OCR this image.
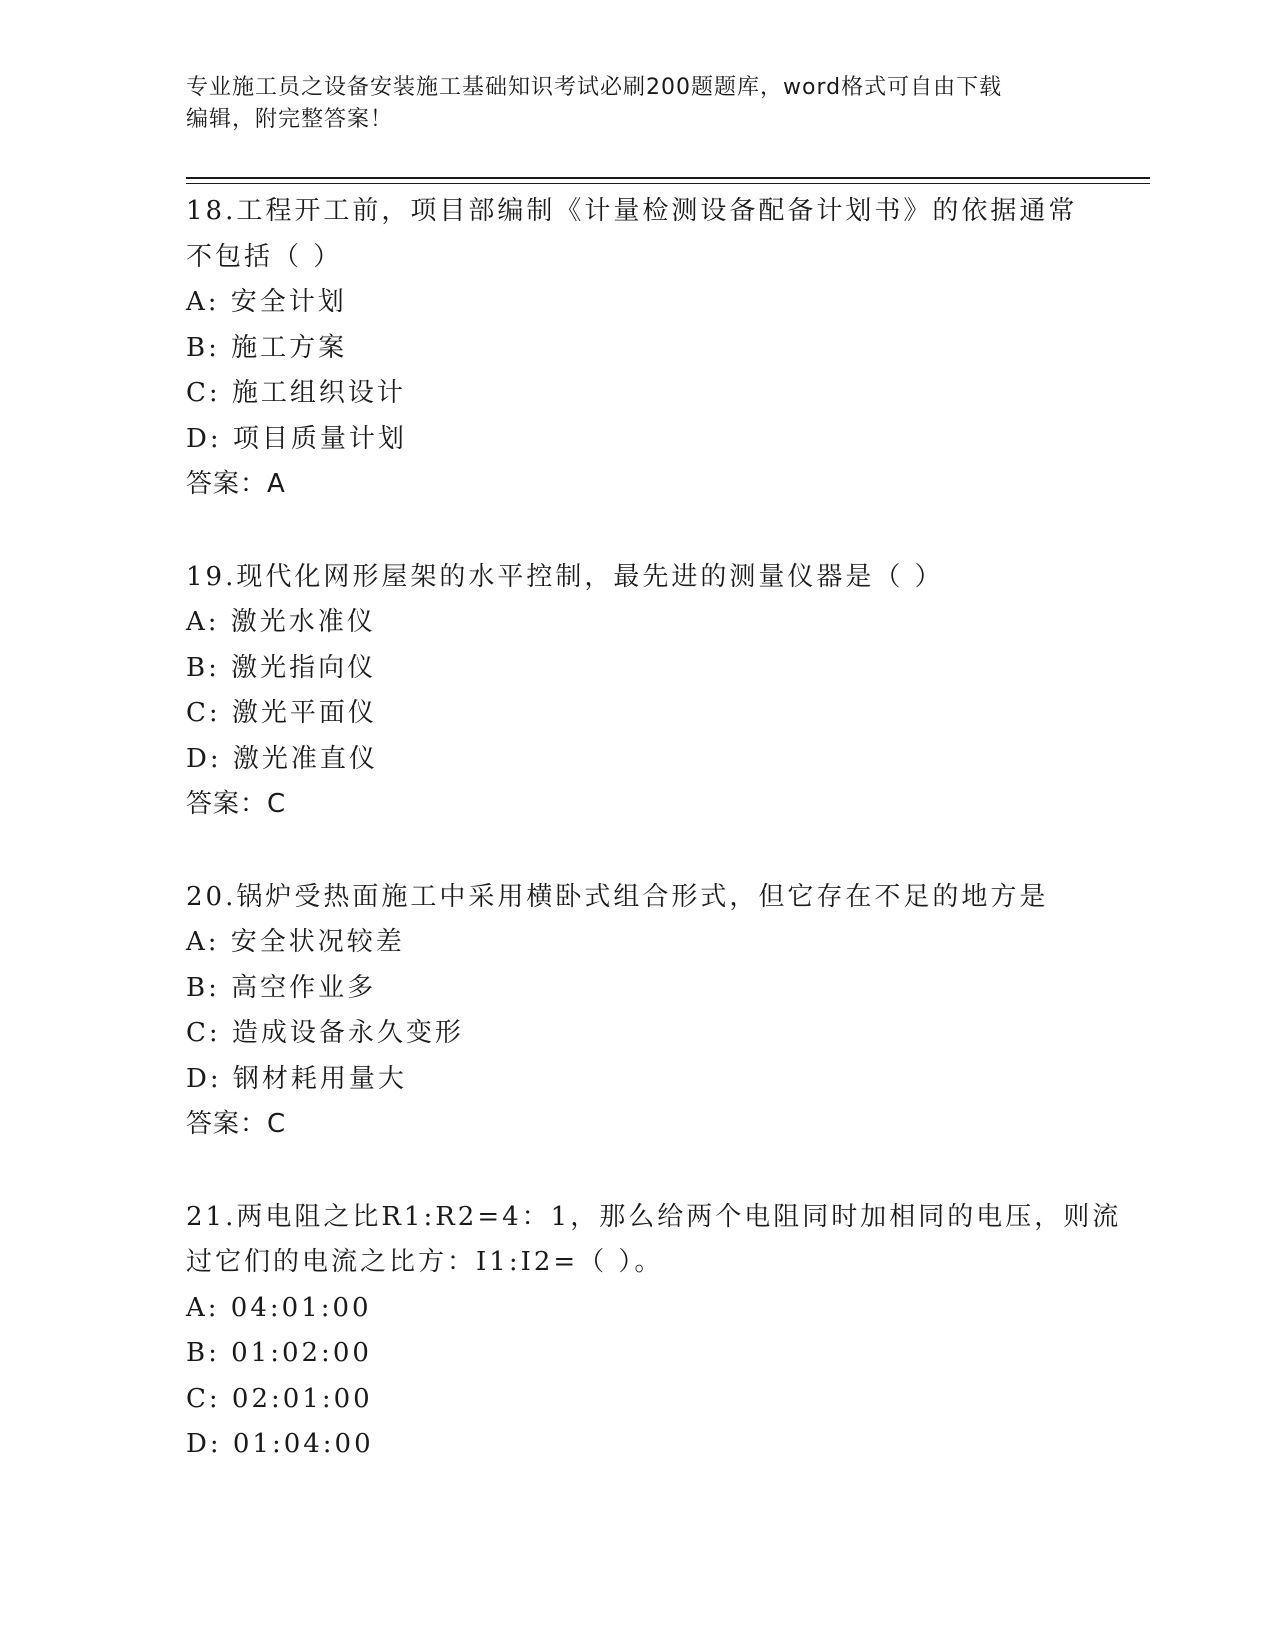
专业施工员之设备安装施工基础知识考试必刷200题题库，word格式可自由下载
编辑，附完整答案！
18.工程开工前，项目部编制《计量检测设备配备计划书》的依据通常
不包括（ ）
A: 安全计划
B: 施工方案
C: 施工组织设计
D: 项目质量计划
答案：A
19.现代化网形屋架的水平控制，最先进的测量仪器是（ ）
A: 激光水准仪
B: 激光指向仪
C: 激光平面仪
D: 激光准直仪
答案：C
20.锅炉受热面施工中采用横卧式组合形式，但它存在不足的地方是
A: 安全状况较差
B: 高空作业多
C: 造成设备永久变形
D: 钢材耗用量大
答案：C
21.两电阻之比R1:R2=4：1，那么给两个电阻同时加相同的电压，则流
过它们的电流之比方：I1:I2=（ ）。
A: 04:01:00
B: 01:02:00
C: 02:01:00
D: 01:04:00
